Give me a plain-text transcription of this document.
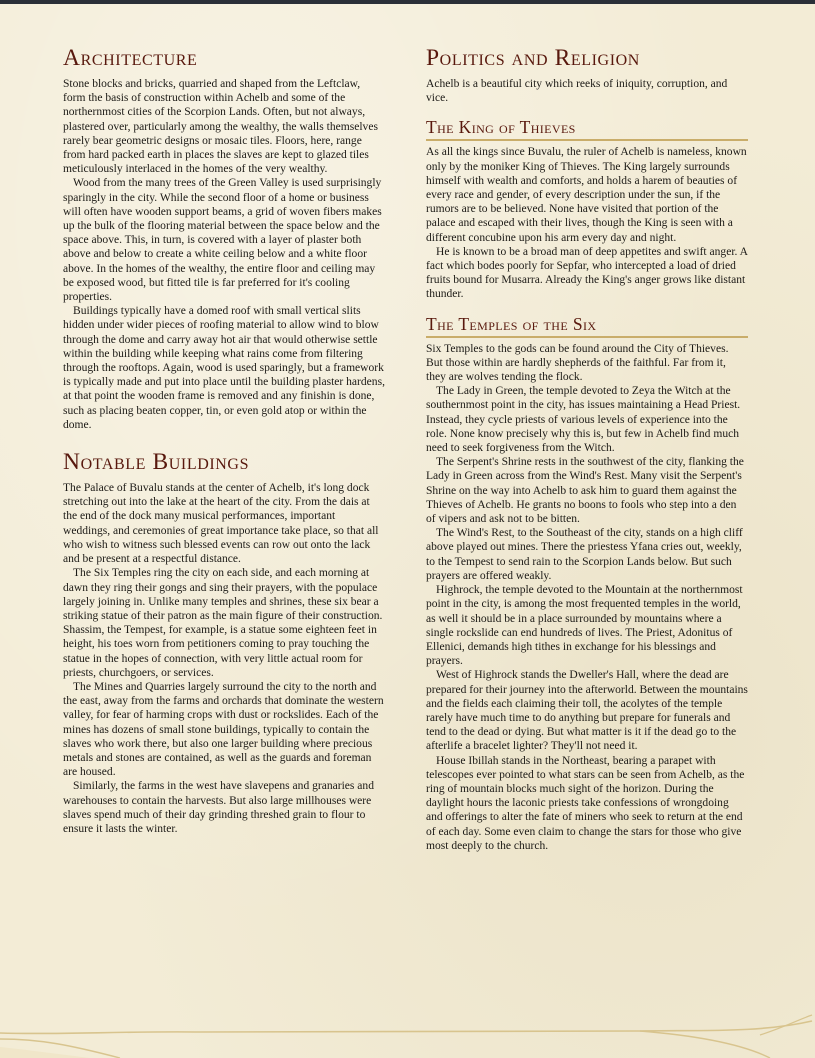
Architecture

Stone blocks and bricks, quarried and shaped from the Leftclaw, form the basis of construction within Achelb and some of the northernmost cities of the Scorpion Lands. Often, but not always, plastered over, particularly among the wealthy, the walls themselves rarely bear geometric designs or mosaic tiles. Floors, here, range from hard packed earth in places the slaves are kept to glazed tiles meticulously interlaced in the homes of the very wealthy.

Wood from the many trees of the Green Valley is used surprisingly sparingly in the city. While the second floor of a home or business will often have wooden support beams, a grid of woven fibers makes up the bulk of the flooring material between the space below and the space above. This, in turn, is covered with a layer of plaster both above and below to create a white ceiling below and a white floor above. In the homes of the wealthy, the entire floor and ceiling may be exposed wood, but fitted tile is far preferred for it's cooling properties.

Buildings typically have a domed roof with small vertical slits hidden under wider pieces of roofing material to allow wind to blow through the dome and carry away hot air that would otherwise settle within the building while keeping what rains come from filtering through the rooftops. Again, wood is used sparingly, but a framework is typically made and put into place until the building plaster hardens, at that point the wooden frame is removed and any finishin is done, such as placing beaten copper, tin, or even gold atop or within the dome.

Notable Buildings

The Palace of Buvalu stands at the center of Achelb, it's long dock stretching out into the lake at the heart of the city. From the dais at the end of the dock many musical performances, important weddings, and ceremonies of great importance take place, so that all who wish to witness such blessed events can row out onto the lack and be present at a respectful distance.

The Six Temples ring the city on each side, and each morning at dawn they ring their gongs and sing their prayers, with the populace largely joining in. Unlike many temples and shrines, these six bear a striking statue of their patron as the main figure of their construction. Shassim, the Tempest, for example, is a statue some eighteen feet in height, his toes worn from petitioners coming to pray touching the statue in the hopes of connection, with very little actual room for priests, churchgoers, or services.

The Mines and Quarries largely surround the city to the north and the east, away from the farms and orchards that dominate the western valley, for fear of harming crops with dust or rockslides. Each of the mines has dozens of small stone buildings, typically to contain the slaves who work there, but also one larger building where precious metals and stones are contained, as well as the guards and foreman are housed.

Similarly, the farms in the west have slavepens and granaries and warehouses to contain the harvests. But also large millhouses were slaves spend much of their day grinding threshed grain to flour to ensure it lasts the winter.

Politics and Religion

Achelb is a beautiful city which reeks of iniquity, corruption, and vice.

The King of Thieves

As all the kings since Buvalu, the ruler of Achelb is nameless, known only by the moniker King of Thieves. The King largely surrounds himself with wealth and comforts, and holds a harem of beauties of every race and gender, of every description under the sun, if the rumors are to be believed. None have visited that portion of the palace and escaped with their lives, though the King is seen with a different concubine upon his arm every day and night.

He is known to be a broad man of deep appetites and swift anger. A fact which bodes poorly for Sepfar, who intercepted a load of dried fruits bound for Musarra. Already the King's anger grows like distant thunder.

The Temples of the Six

Six Temples to the gods can be found around the City of Thieves. But those within are hardly shepherds of the faithful. Far from it, they are wolves tending the flock.

The Lady in Green, the temple devoted to Zeya the Witch at the southernmost point in the city, has issues maintaining a Head Priest. Instead, they cycle priests of various levels of experience into the role. None know precisely why this is, but few in Achelb find much need to seek forgiveness from the Witch.

The Serpent's Shrine rests in the southwest of the city, flanking the Lady in Green across from the Wind's Rest. Many visit the Serpent's Shrine on the way into Achelb to ask him to guard them against the Thieves of Achelb. He grants no boons to fools who step into a den of vipers and ask not to be bitten.

The Wind's Rest, to the Southeast of the city, stands on a high cliff above played out mines. There the priestess Yfana cries out, weekly, to the Tempest to send rain to the Scorpion Lands below. But such prayers are offered weakly.

Highrock, the temple devoted to the Mountain at the northernmost point in the city, is among the most frequented temples in the world, as well it should be in a place surrounded by mountains where a single rockslide can end hundreds of lives. The Priest, Adonitus of Ellenici, demands high tithes in exchange for his blessings and prayers.

West of Highrock stands the Dweller's Hall, where the dead are prepared for their journey into the afterworld. Between the mountains and the fields each claiming their toll, the acolytes of the temple rarely have much time to do anything but prepare for funerals and tend to the dead or dying. But what matter is it if the dead go to the afterlife a bracelet lighter? They'll not need it.

House Ibillah stands in the Northeast, bearing a parapet with telescopes ever pointed to what stars can be seen from Achelb, as the ring of mountain blocks much sight of the horizon. During the daylight hours the laconic priests take confessions of wrongdoing and offerings to alter the fate of miners who seek to return at the end of each day. Some even claim to change the stars for those who give most deeply to the church.
